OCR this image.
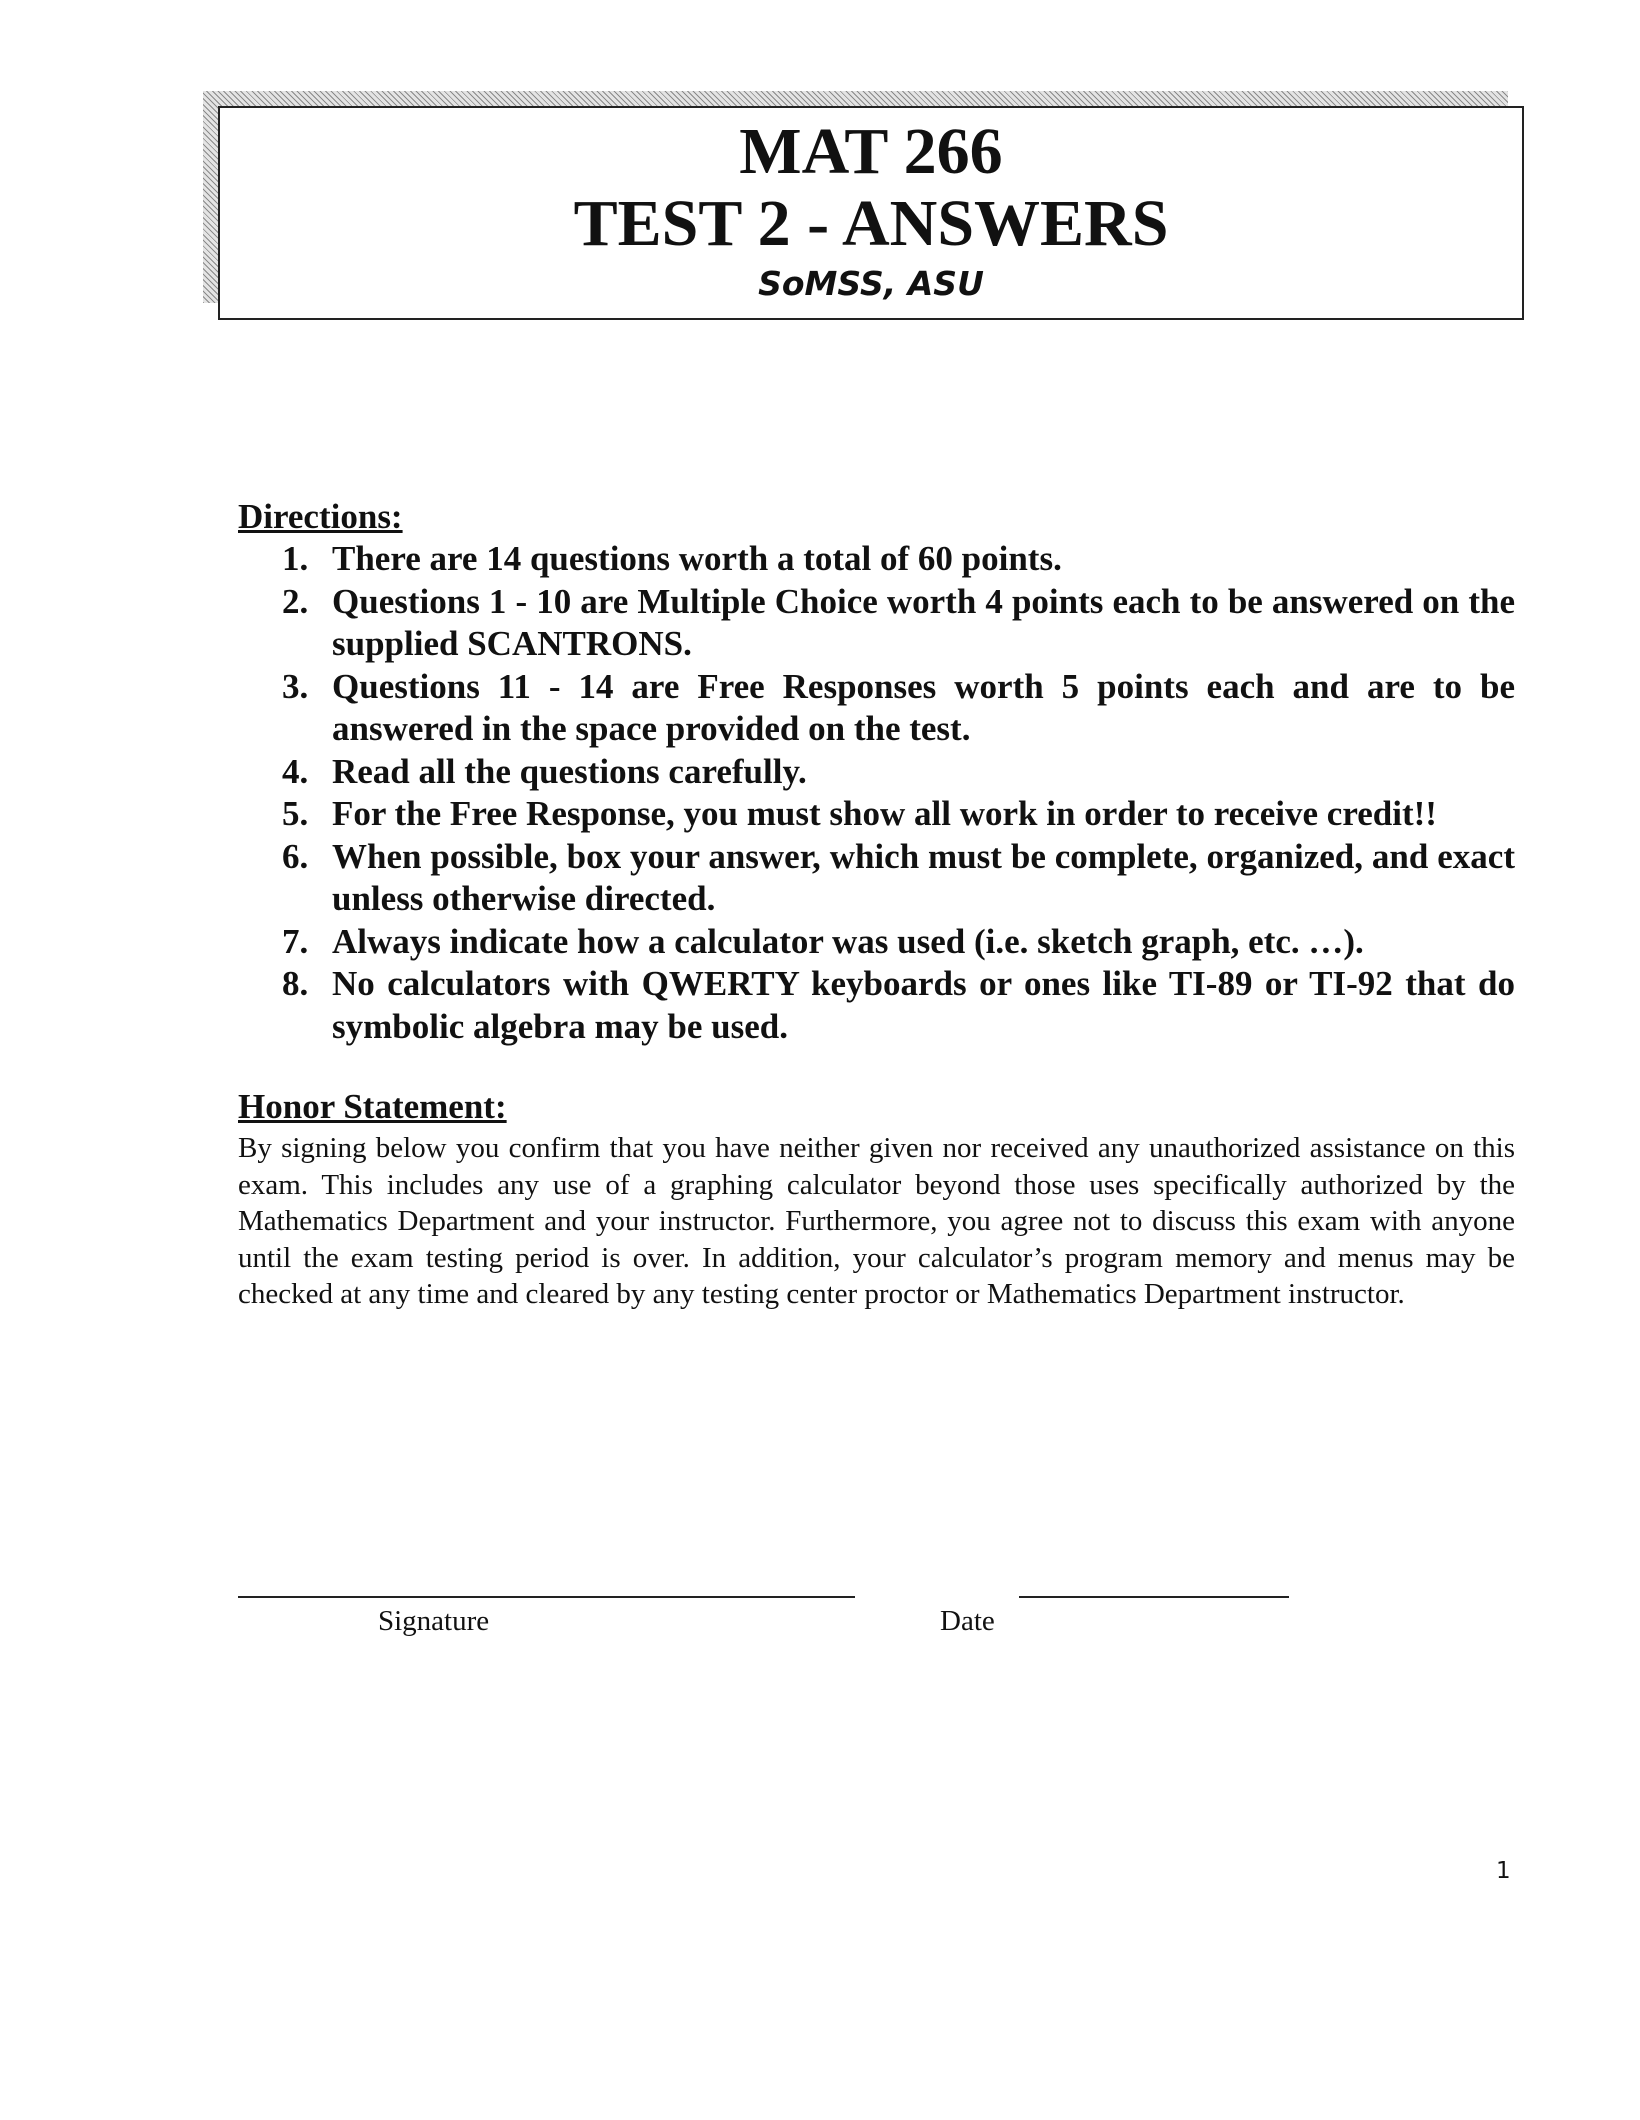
MAT 266
TEST 2 - ANSWERS
SoMSS, ASU
Directions:
1. There are 14 questions worth a total of 60 points.
2. Questions 1 - 10 are Multiple Choice worth 4 points each to be answered on the supplied SCANTRONS.
3. Questions 11 - 14 are Free Responses worth 5 points each and are to be answered in the space provided on the test.
4. Read all the questions carefully.
5. For the Free Response, you must show all work in order to receive credit!!
6. When possible, box your answer, which must be complete, organized, and exact unless otherwise directed.
7. Always indicate how a calculator was used (i.e. sketch graph, etc. …).
8. No calculators with QWERTY keyboards or ones like TI-89 or TI-92 that do symbolic algebra may be used.
Honor Statement:

By signing below you confirm that you have neither given nor received any unauthorized assistance on this exam. This includes any use of a graphing calculator beyond those uses specifically authorized by the Mathematics Department and your instructor. Furthermore, you agree not to discuss this exam with anyone until the exam testing period is over. In addition, your calculator’s program memory and menus may be checked at any time and cleared by any testing center proctor or Mathematics Department instructor.

Signature	Date
1
